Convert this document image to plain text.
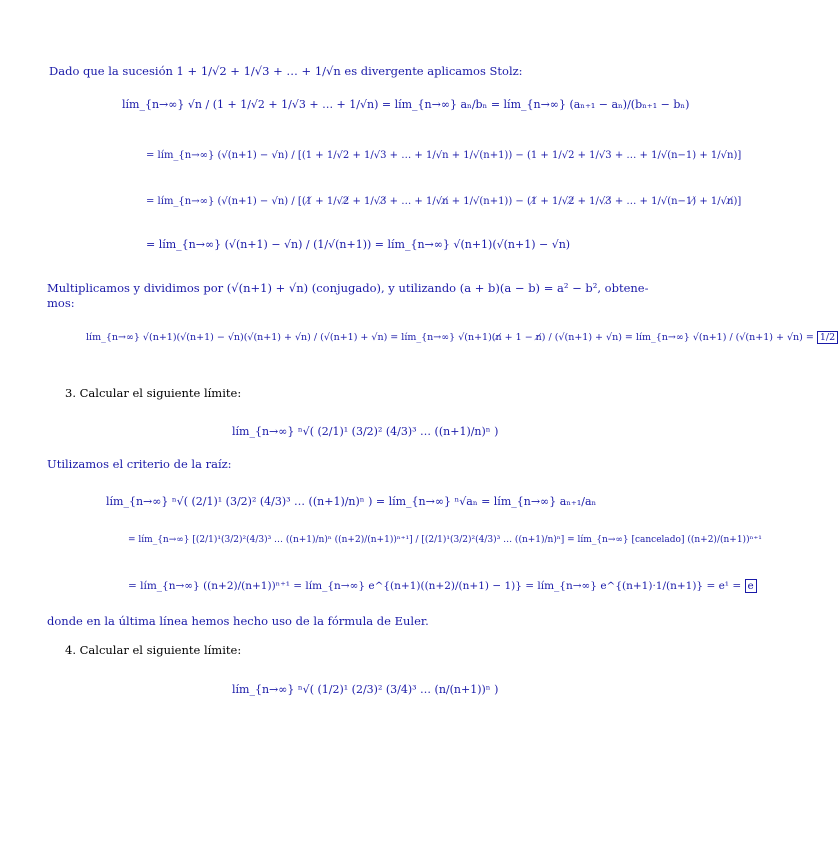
Dado que la sucesión 1 + 1/√2 + 1/√3 + … + 1/√n es divergente aplicamos Stolz:
lím_{n→∞} √n / (1 + 1/√2 + 1/√3 + … + 1/√n) = lím_{n→∞} aₙ/bₙ = lím_{n→∞} (aₙ₊₁ − aₙ)/(bₙ₊₁ − bₙ)
= lím_{n→∞} (√(n+1) − √n) / [(1 + 1/√2 + 1/√3 + … + 1/√n + 1/√(n+1)) − (1 + 1/√2 + 1/√3 + … + 1/√(n−1) + 1/√n)]
= lím_{n→∞} (√(n+1) − √n) / [(1̸ + 1/√2̸ + 1/√3̸ + … + 1/√n̸ + 1/√(n+1)) − (1̸ + 1/√2̸ + 1/√3̸ + … + 1/√(n−1)̸ + 1/√n̸)]
= lím_{n→∞} (√(n+1) − √n) / (1/√(n+1)) = lím_{n→∞} √(n+1)(√(n+1) − √n)
Multiplicamos y dividimos por (√(n+1) + √n) (conjugado), y utilizando (a + b)(a − b) = a² − b², obtene-
mos:
lím_{n→∞} √(n+1)(√(n+1) − √n)(√(n+1) + √n) / (√(n+1) + √n) = lím_{n→∞} √(n+1)(n̸ + 1 − n̸) / (√(n+1) + √n) = lím_{n→∞} √(n+1) / (√(n+1) + √n) = 1/2
3. Calcular el siguiente límite:
lím_{n→∞} ⁿ√( (2/1)¹ (3/2)² (4/3)³ … ((n+1)/n)ⁿ )
Utilizamos el criterio de la raíz:
lím_{n→∞} ⁿ√( (2/1)¹ (3/2)² (4/3)³ … ((n+1)/n)ⁿ ) = lím_{n→∞} ⁿ√aₙ = lím_{n→∞} aₙ₊₁/aₙ
= lím_{n→∞} [(2/1)¹(3/2)²(4/3)³ … ((n+1)/n)ⁿ ((n+2)/(n+1))ⁿ⁺¹] / [(2/1)¹(3/2)²(4/3)³ … ((n+1)/n)ⁿ] = lím_{n→∞} [cancelado] ((n+2)/(n+1))ⁿ⁺¹
= lím_{n→∞} ((n+2)/(n+1))ⁿ⁺¹ = lím_{n→∞} e^{(n+1)((n+2)/(n+1) − 1)} = lím_{n→∞} e^{(n+1)·1/(n+1)} = e¹ = e
donde en la última línea hemos hecho uso de la fórmula de Euler.
4. Calcular el siguiente límite:
lím_{n→∞} ⁿ√( (1/2)¹ (2/3)² (3/4)³ … (n/(n+1))ⁿ )
